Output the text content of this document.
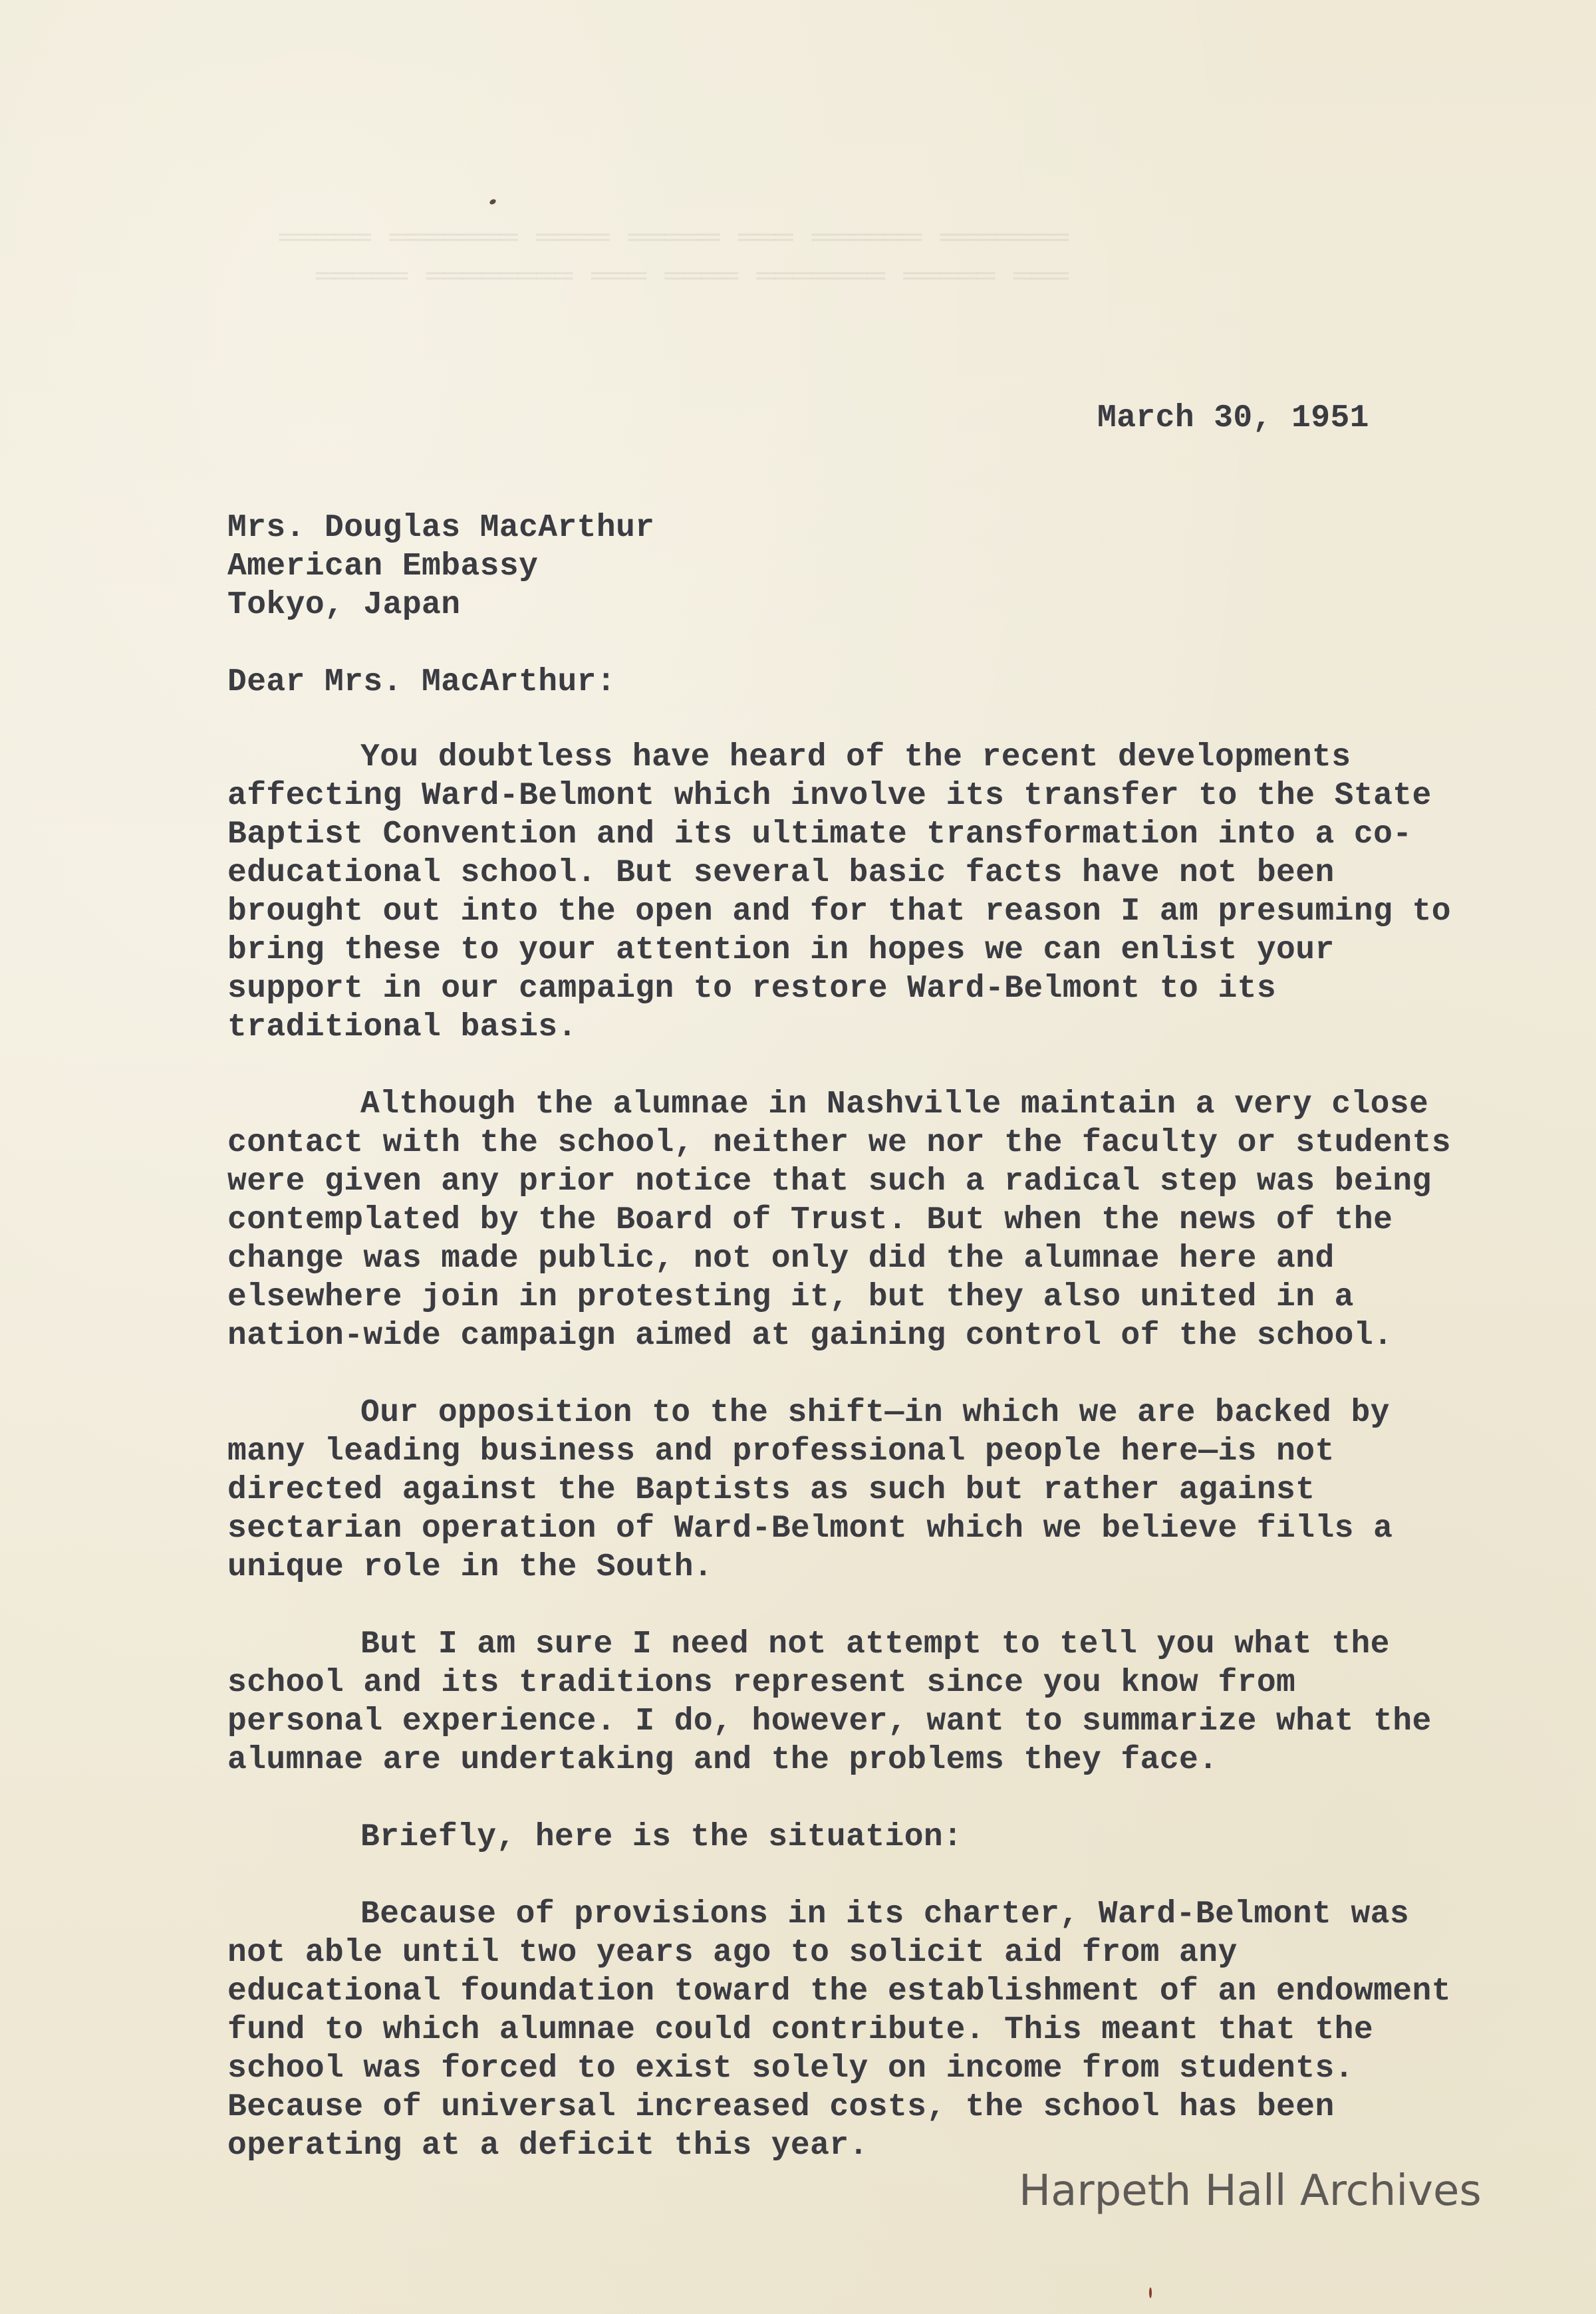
═══════ ══════ ═══ ═════ ════ ═══════ ═════
═══ ═════ ═══════ ════ ═══ ════════ ═════
March 30, 1951
Mrs. Douglas MacArthur
American Embassy
Tokyo, Japan
Dear Mrs. MacArthur:

You doubtless have heard of the recent developments affecting Ward-Belmont which involve its transfer to the State Baptist Convention and its ultimate transformation into a co-educational school. But several basic facts have not been brought out into the open and for that reason I am presuming to bring these to your attention in hopes we can enlist your support in our campaign to restore Ward-Belmont to its traditional basis.

Although the alumnae in Nashville maintain a very close contact with the school, neither we nor the faculty or students were given any prior notice that such a radical step was being contemplated by the Board of Trust. But when the news of the change was made public, not only did the alumnae here and elsewhere join in protesting it, but they also united in a nation-wide campaign aimed at gaining control of the school.

Our opposition to the shift—in which we are backed by many leading business and professional people here—is not directed against the Baptists as such but rather against sectarian operation of Ward-Belmont which we believe fills a unique role in the South.

But I am sure I need not attempt to tell you what the school and its traditions represent since you know from personal experience. I do, however, want to summarize what the alumnae are undertaking and the problems they face.

Briefly, here is the situation:

Because of provisions in its charter, Ward-Belmont was not able until two years ago to solicit aid from any educational foundation toward the establishment of an endowment fund to which alumnae could contribute. This meant that the school was forced to exist solely on income from students. Because of universal increased costs, the school has been operating at a deficit this year.

Harpeth Hall Archives
